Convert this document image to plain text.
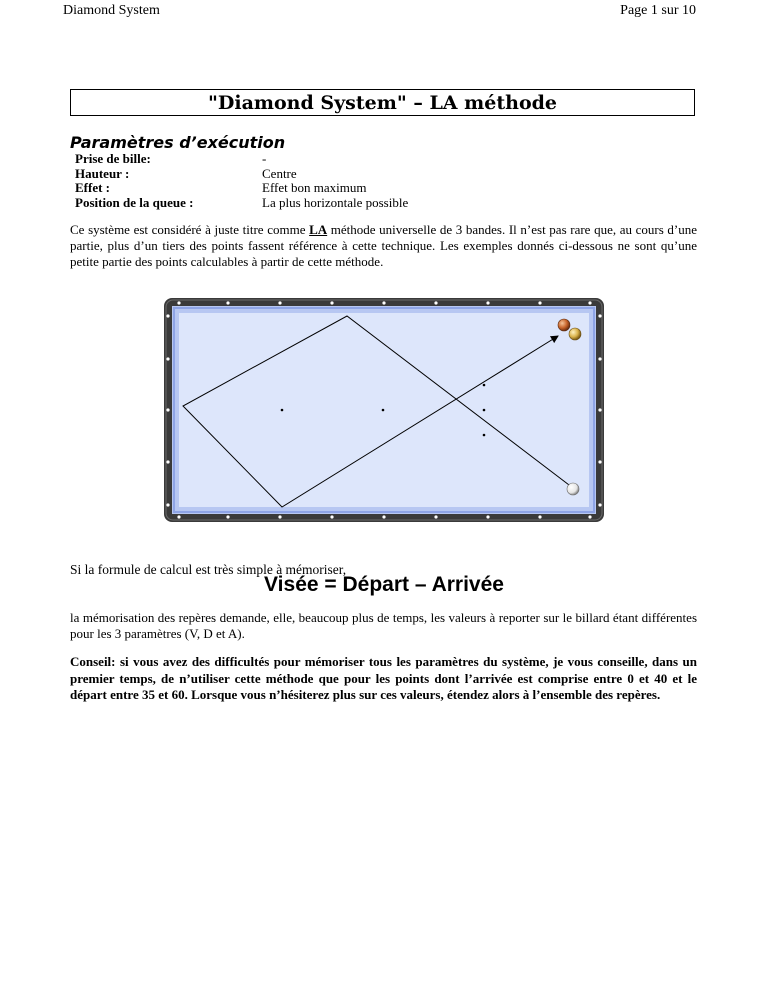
Diamond System	Page 1 sur 10
"Diamond System" – LA méthode
Paramètres d’exécution
Prise de bille:	-
Hauteur :	Centre
Effet :	Effet bon maximum
Position de la queue :	La plus horizontale possible
Ce système est considéré à juste titre comme LA méthode universelle de 3 bandes. Il n’est pas rare que, au cours d’une partie, plus d’un tiers des points fassent référence à cette technique. Les exemples donnés ci-dessous ne sont qu’une petite partie des points calculables à partir de cette méthode.
Si la formule de calcul est très simple à mémoriser,
Visée = Départ – Arrivée
la mémorisation des repères demande, elle, beaucoup plus de temps, les valeurs à reporter sur le billard étant différentes pour les 3 paramètres (V, D et A).
Conseil: si vous avez des difficultés pour mémoriser tous les paramètres du système, je vous conseille, dans un premier temps, de n’utiliser cette méthode que pour les points dont l’arrivée est comprise entre 0 et 40 et le départ entre 35 et 60. Lorsque vous n’hésiterez plus sur ces valeurs, étendez alors à l’ensemble des repères.
